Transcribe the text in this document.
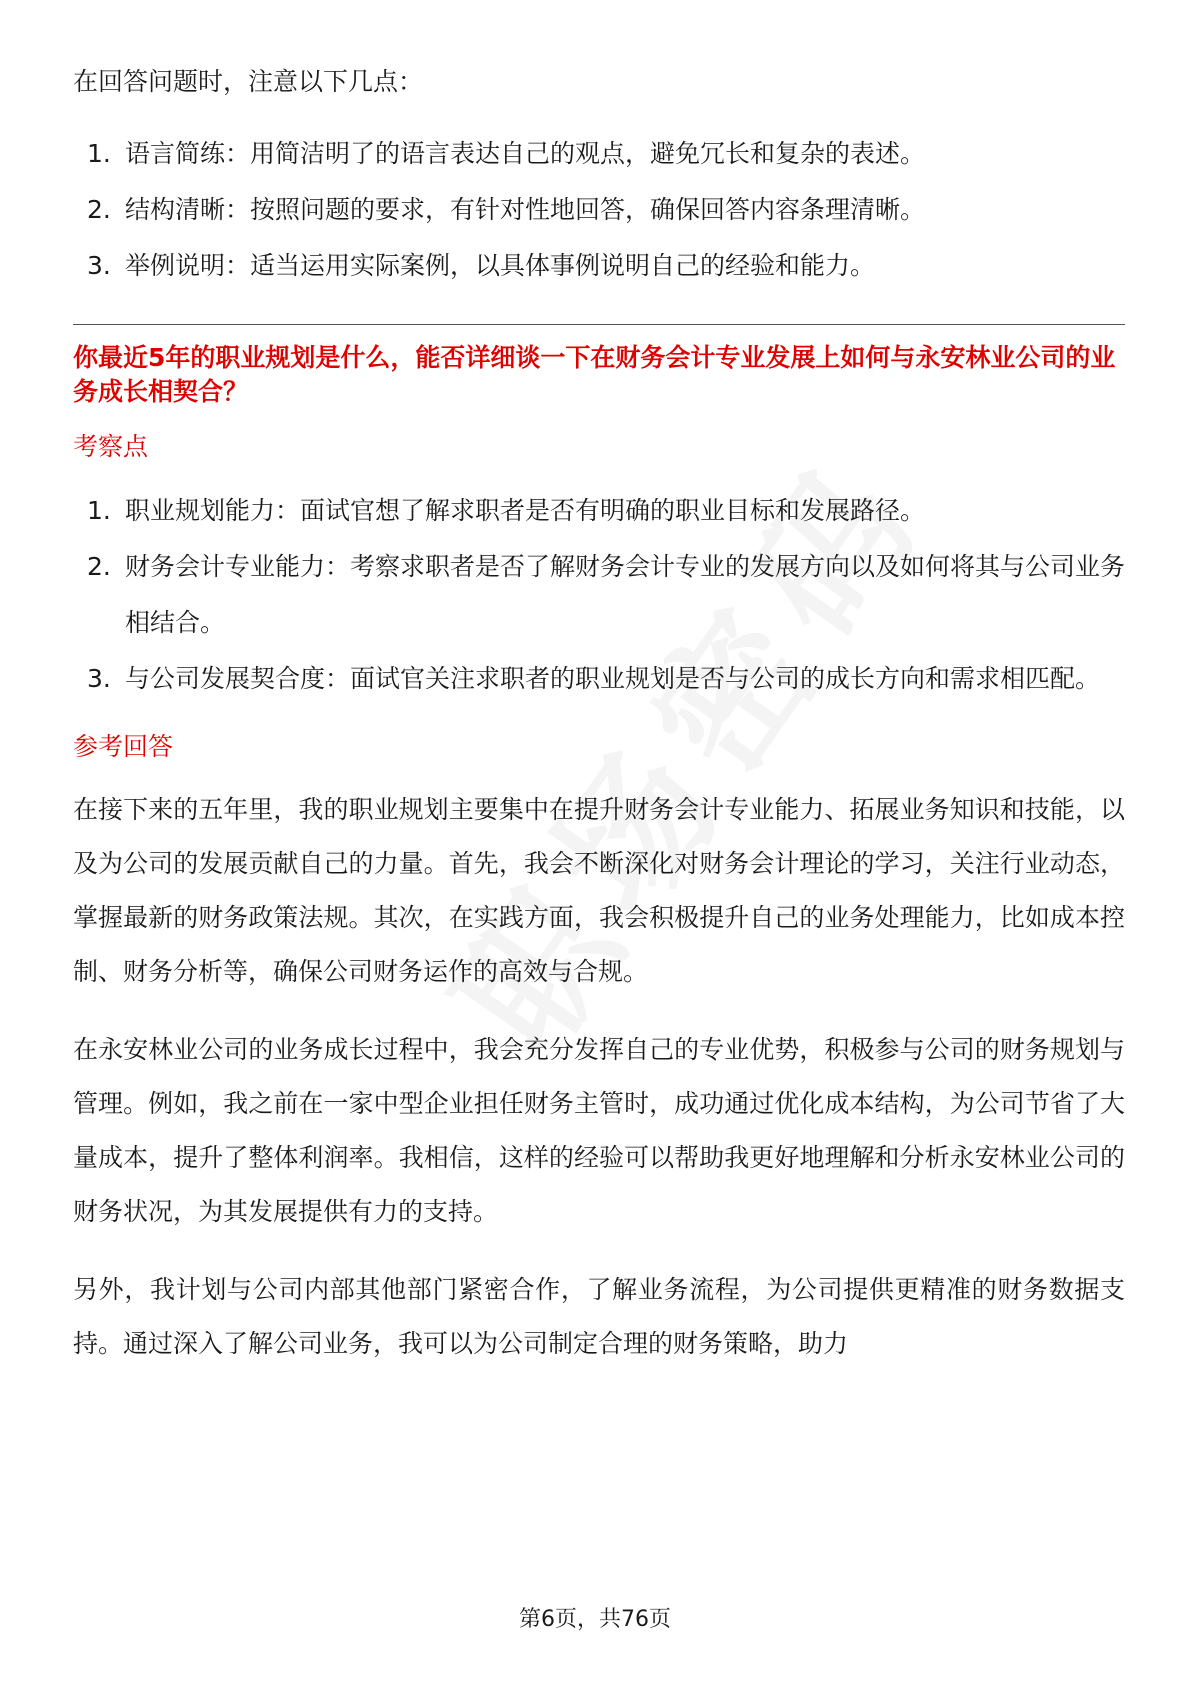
在回答问题时，注意以下几点：

1. 语言简练：用简洁明了的语言表达自己的观点，避免冗长和复杂的表述。
2. 结构清晰：按照问题的要求，有针对性地回答，确保回答内容条理清晰。
3. 举例说明：适当运用实际案例，以具体事例说明自己的经验和能力。

你最近5年的职业规划是什么，能否详细谈一下在财务会计专业发展上如何与永安林业公司的业务成长相契合？

考察点

1. 职业规划能力：面试官想了解求职者是否有明确的职业目标和发展路径。
2. 财务会计专业能力：考察求职者是否了解财务会计专业的发展方向以及如何将其与公司业务相结合。
3. 与公司发展契合度：面试官关注求职者的职业规划是否与公司的成长方向和需求相匹配。

参考回答

在接下来的五年里，我的职业规划主要集中在提升财务会计专业能力、拓展业务知识和技能，以及为公司的发展贡献自己的力量。首先，我会不断深化对财务会计理论的学习，关注行业动态，掌握最新的财务政策法规。其次，在实践方面，我会积极提升自己的业务处理能力，比如成本控制、财务分析等，确保公司财务运作的高效与合规。

在永安林业公司的业务成长过程中，我会充分发挥自己的专业优势，积极参与公司的财务规划与管理。例如，我之前在一家中型企业担任财务主管时，成功通过优化成本结构，为公司节省了大量成本，提升了整体利润率。我相信，这样的经验可以帮助我更好地理解和分析永安林业公司的财务状况，为其发展提供有力的支持。

另外，我计划与公司内部其他部门紧密合作，了解业务流程，为公司提供更精准的财务数据支持。通过深入了解公司业务，我可以为公司制定合理的财务策略，助力

第6页，共76页
